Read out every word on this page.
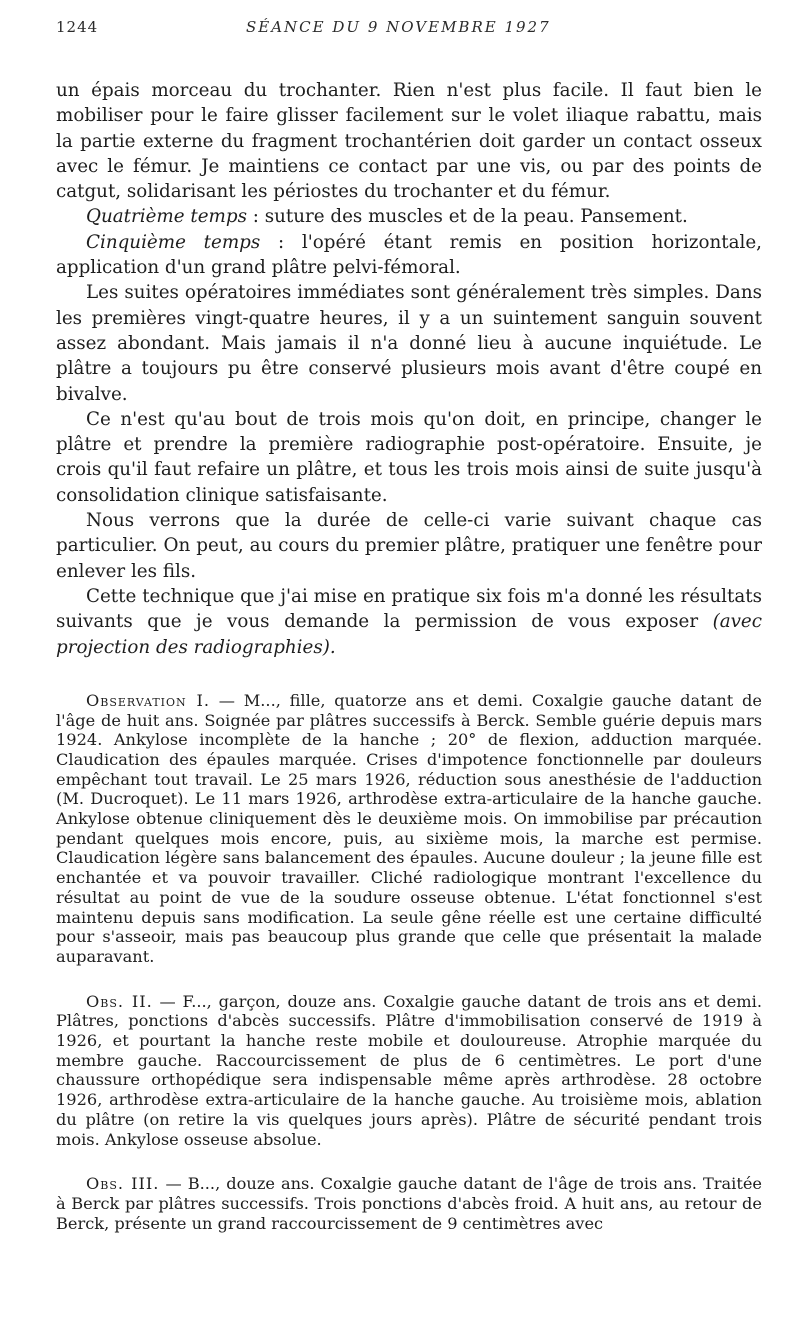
1244	SÉANCE DU 9 NOVEMBRE 1927

un épais morceau du trochanter. Rien n'est plus facile. Il faut bien le mobiliser pour le faire glisser facilement sur le volet iliaque rabattu, mais la partie externe du fragment trochantérien doit garder un contact osseux avec le fémur. Je maintiens ce contact par une vis, ou par des points de catgut, solidarisant les périostes du trochanter et du fémur.

Quatrième temps : suture des muscles et de la peau. Pansement.

Cinquième temps : l'opéré étant remis en position horizontale, application d'un grand plâtre pelvi-fémoral.

Les suites opératoires immédiates sont généralement très simples. Dans les premières vingt-quatre heures, il y a un suintement sanguin souvent assez abondant. Mais jamais il n'a donné lieu à aucune inquiétude. Le plâtre a toujours pu être conservé plusieurs mois avant d'être coupé en bivalve.

Ce n'est qu'au bout de trois mois qu'on doit, en principe, changer le plâtre et prendre la première radiographie post-opératoire. Ensuite, je crois qu'il faut refaire un plâtre, et tous les trois mois ainsi de suite jusqu'à consolidation clinique satisfaisante.

Nous verrons que la durée de celle-ci varie suivant chaque cas particulier. On peut, au cours du premier plâtre, pratiquer une fenêtre pour enlever les fils.

Cette technique que j'ai mise en pratique six fois m'a donné les résultats suivants que je vous demande la permission de vous exposer (avec projection des radiographies).

Observation I. — M..., fille, quatorze ans et demi. Coxalgie gauche datant de l'âge de huit ans. Soignée par plâtres successifs à Berck. Semble guérie depuis mars 1924. Ankylose incomplète de la hanche ; 20° de flexion, adduction marquée. Claudication des épaules marquée. Crises d'impotence fonctionnelle par douleurs empêchant tout travail. Le 25 mars 1926, réduction sous anesthésie de l'adduction (M. Ducroquet). Le 11 mars 1926, arthrodèse extra-articulaire de la hanche gauche. Ankylose obtenue cliniquement dès le deuxième mois. On immobilise par précaution pendant quelques mois encore, puis, au sixième mois, la marche est permise. Claudication légère sans balancement des épaules. Aucune douleur ; la jeune fille est enchantée et va pouvoir travailler. Cliché radiologique montrant l'excellence du résultat au point de vue de la soudure osseuse obtenue. L'état fonctionnel s'est maintenu depuis sans modification. La seule gêne réelle est une certaine difficulté pour s'asseoir, mais pas beaucoup plus grande que celle que présentait la malade auparavant.

Obs. II. — F..., garçon, douze ans. Coxalgie gauche datant de trois ans et demi. Plâtres, ponctions d'abcès successifs. Plâtre d'immobilisation conservé de 1919 à 1926, et pourtant la hanche reste mobile et douloureuse. Atrophie marquée du membre gauche. Raccourcissement de plus de 6 centimètres. Le port d'une chaussure orthopédique sera indispensable même après arthrodèse. 28 octobre 1926, arthrodèse extra-articulaire de la hanche gauche. Au troisième mois, ablation du plâtre (on retire la vis quelques jours après). Plâtre de sécurité pendant trois mois. Ankylose osseuse absolue.

Obs. III. — B..., douze ans. Coxalgie gauche datant de l'âge de trois ans. Traitée à Berck par plâtres successifs. Trois ponctions d'abcès froid. A huit ans, au retour de Berck, présente un grand raccourcissement de 9 centimètres avec
